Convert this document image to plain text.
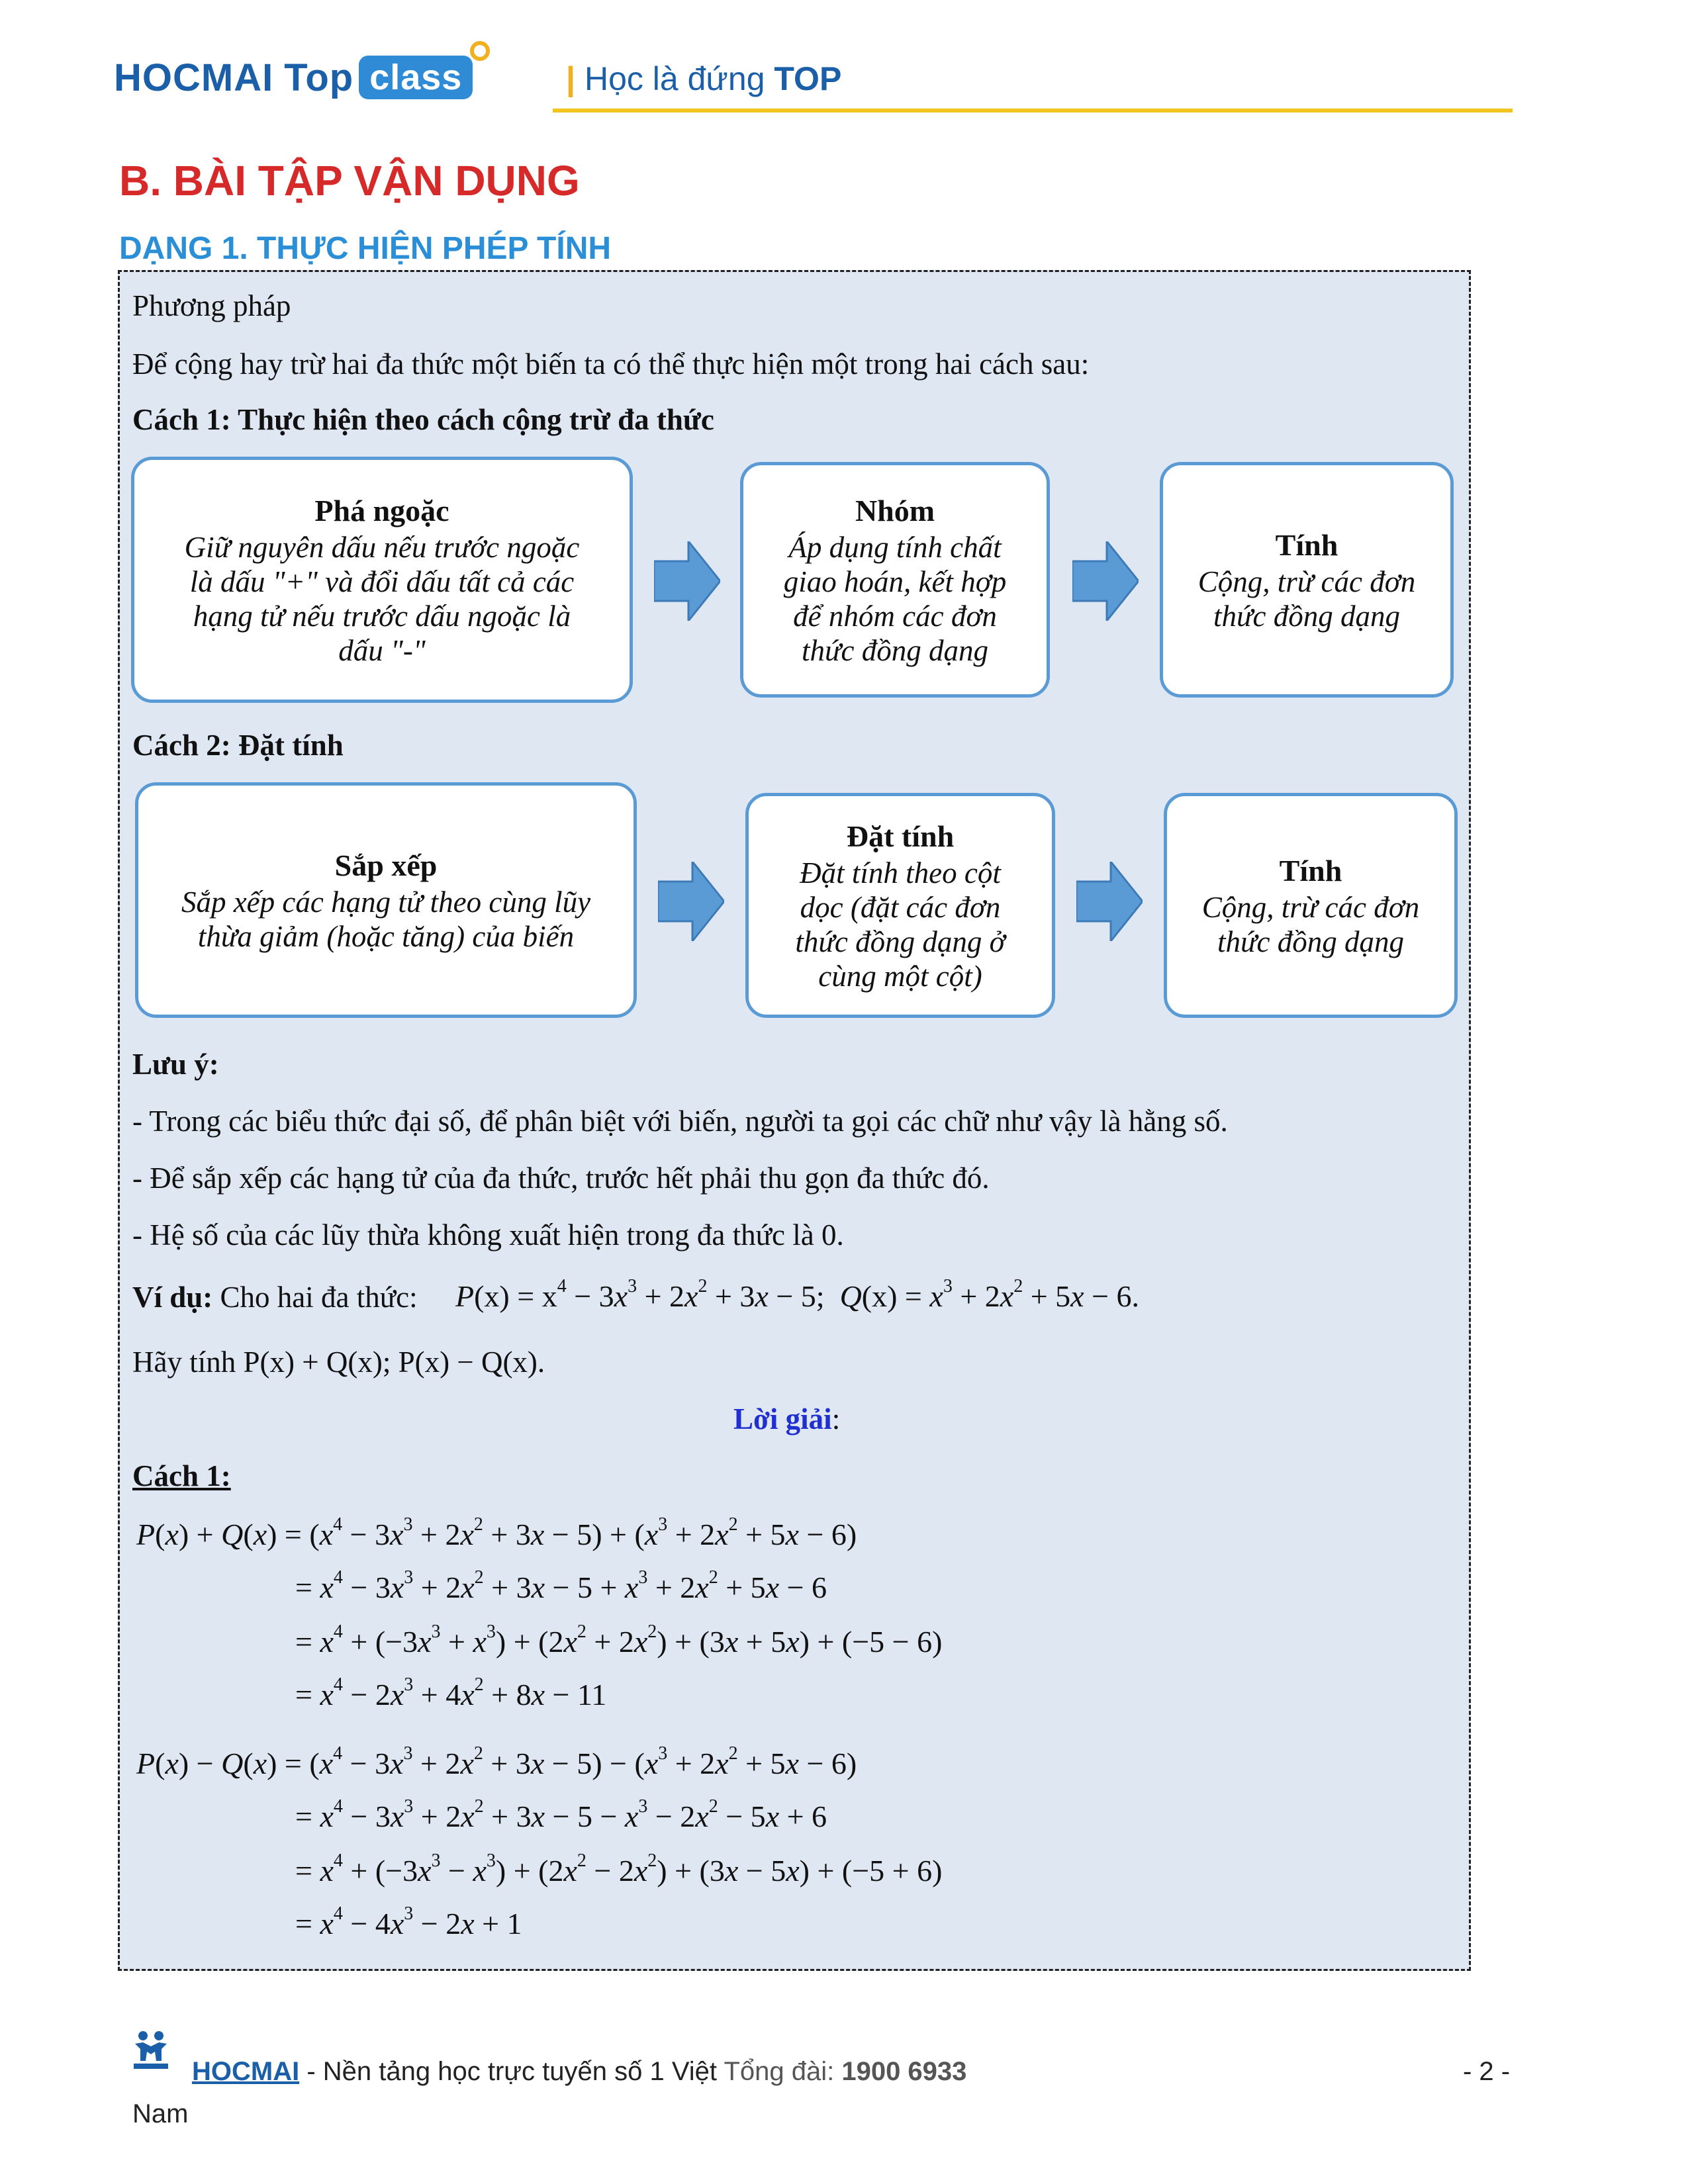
HOCMAI Top class	| Học là đứng TOP
B. BÀI TẬP VẬN DỤNG
DẠNG 1. THỰC HIỆN PHÉP TÍNH
Phương pháp
Để cộng hay trừ hai đa thức một biến ta có thể thực hiện một trong hai cách sau:
Cách 1: Thực hiện theo cách cộng trừ đa thức
Phá ngoặc
Giữ nguyên dấu nếu trước ngoặc
là dấu "+" và đổi dấu tất cả các
hạng tử nếu trước dấu ngoặc là
dấu "-"
Nhóm
Áp dụng tính chất
giao hoán, kết hợp
để nhóm các đơn
thức đồng dạng
Tính
Cộng, trừ các đơn
thức đồng dạng
Cách 2: Đặt tính
Sắp xếp
Sắp xếp các hạng tử theo cùng lũy
thừa giảm (hoặc tăng) của biến
Đặt tính
Đặt tính theo cột
dọc (đặt các đơn
thức đồng dạng ở
cùng một cột)
Tính
Cộng, trừ các đơn
thức đồng dạng
Lưu ý:
- Trong các biểu thức đại số, để phân biệt với biến, người ta gọi các chữ như vậy là hằng số.
- Để sắp xếp các hạng tử của đa thức, trước hết phải thu gọn đa thức đó.
- Hệ số của các lũy thừa không xuất hiện trong đa thức là 0.
Ví dụ: Cho hai đa thức: $P(x) = x^4 - 3x^3 + 2x^2 + 3x - 5$;  $Q(x) = x^3 + 2x^2 + 5x - 6$.
Hãy tính P(x) + Q(x); P(x) − Q(x).
Lời giải:
Cách 1:
$P(x) + Q(x) = (x^4 - 3x^3 + 2x^2 + 3x - 5) + (x^3 + 2x^2 + 5x - 6)$
= $x^4 - 3x^3 + 2x^2 + 3x - 5 + x^3 + 2x^2 + 5x - 6$
= $x^4 + (-3x^3 + x^3) + (2x^2 + 2x^2) + (3x + 5x) + (-5 - 6)$
= $x^4 - 2x^3 + 4x^2 + 8x - 11$
$P(x) - Q(x) = (x^4 - 3x^3 + 2x^2 + 3x - 5) - (x^3 + 2x^2 + 5x - 6)$
= $x^4 - 3x^3 + 2x^2 + 3x - 5 - x^3 - 2x^2 - 5x + 6$
= $x^4 + (-3x^3 - x^3) + (2x^2 - 2x^2) + (3x - 5x) + (-5 + 6)$
= $x^4 - 4x^3 - 2x + 1$
HOCMAI - Nền tảng học trực tuyến số 1 Việt Tổng đài: 1900 6933	- 2 -
Nam
